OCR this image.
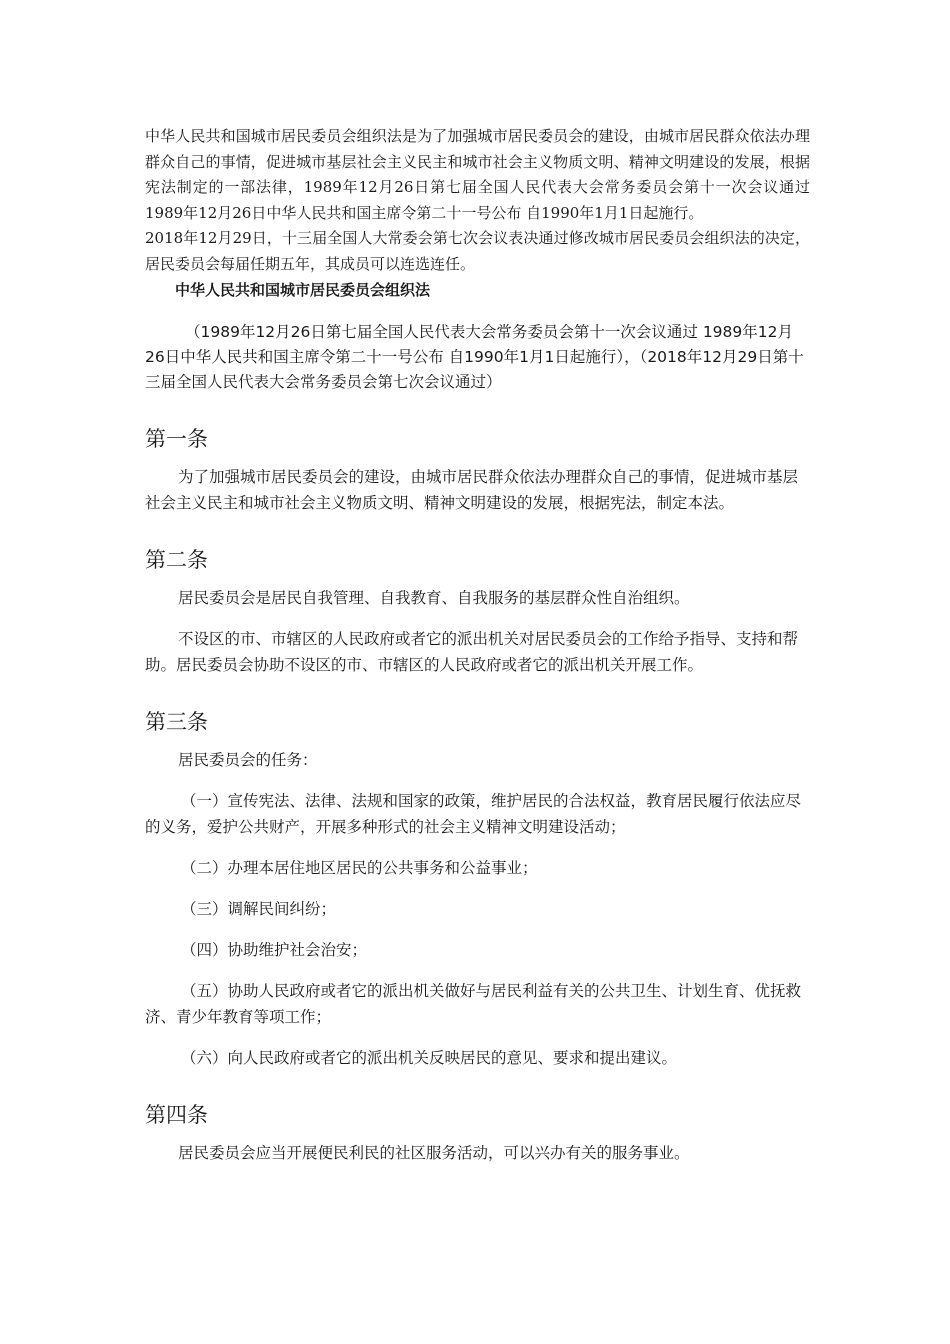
中华人民共和国城市居民委员会组织法是为了加强城市居民委员会的建设，由城市居民群众依法办理群众自己的事情，促进城市基层社会主义民主和城市社会主义物质文明、精神文明建设的发展，根据宪法制定的一部法律，1989年12月26日第七届全国人民代表大会常务委员会第十一次会议通过 1989年12月26日中华人民共和国主席令第二十一号公布 自1990年1月1日起施行。

2018年12月29日，十三届全国人大常委会第七次会议表决通过修改城市居民委员会组织法的决定，居民委员会每届任期五年，其成员可以连选连任。

中华人民共和国城市居民委员会组织法

（1989年12月26日第七届全国人民代表大会常务委员会第十一次会议通过 1989年12月26日中华人民共和国主席令第二十一号公布 自1990年1月1日起施行），（2018年12月29日第十三届全国人民代表大会常务委员会第七次会议通过）

第一条

为了加强城市居民委员会的建设，由城市居民群众依法办理群众自己的事情，促进城市基层社会主义民主和城市社会主义物质文明、精神文明建设的发展，根据宪法，制定本法。

第二条

居民委员会是居民自我管理、自我教育、自我服务的基层群众性自治组织。

不设区的市、市辖区的人民政府或者它的派出机关对居民委员会的工作给予指导、支持和帮助。居民委员会协助不设区的市、市辖区的人民政府或者它的派出机关开展工作。

第三条

居民委员会的任务：

（一）宣传宪法、法律、法规和国家的政策，维护居民的合法权益，教育居民履行依法应尽的义务，爱护公共财产，开展多种形式的社会主义精神文明建设活动；

（二）办理本居住地区居民的公共事务和公益事业；

（三）调解民间纠纷；

（四）协助维护社会治安；

（五）协助人民政府或者它的派出机关做好与居民利益有关的公共卫生、计划生育、优抚救济、青少年教育等项工作；

（六）向人民政府或者它的派出机关反映居民的意见、要求和提出建议。

第四条

居民委员会应当开展便民利民的社区服务活动，可以兴办有关的服务事业。
